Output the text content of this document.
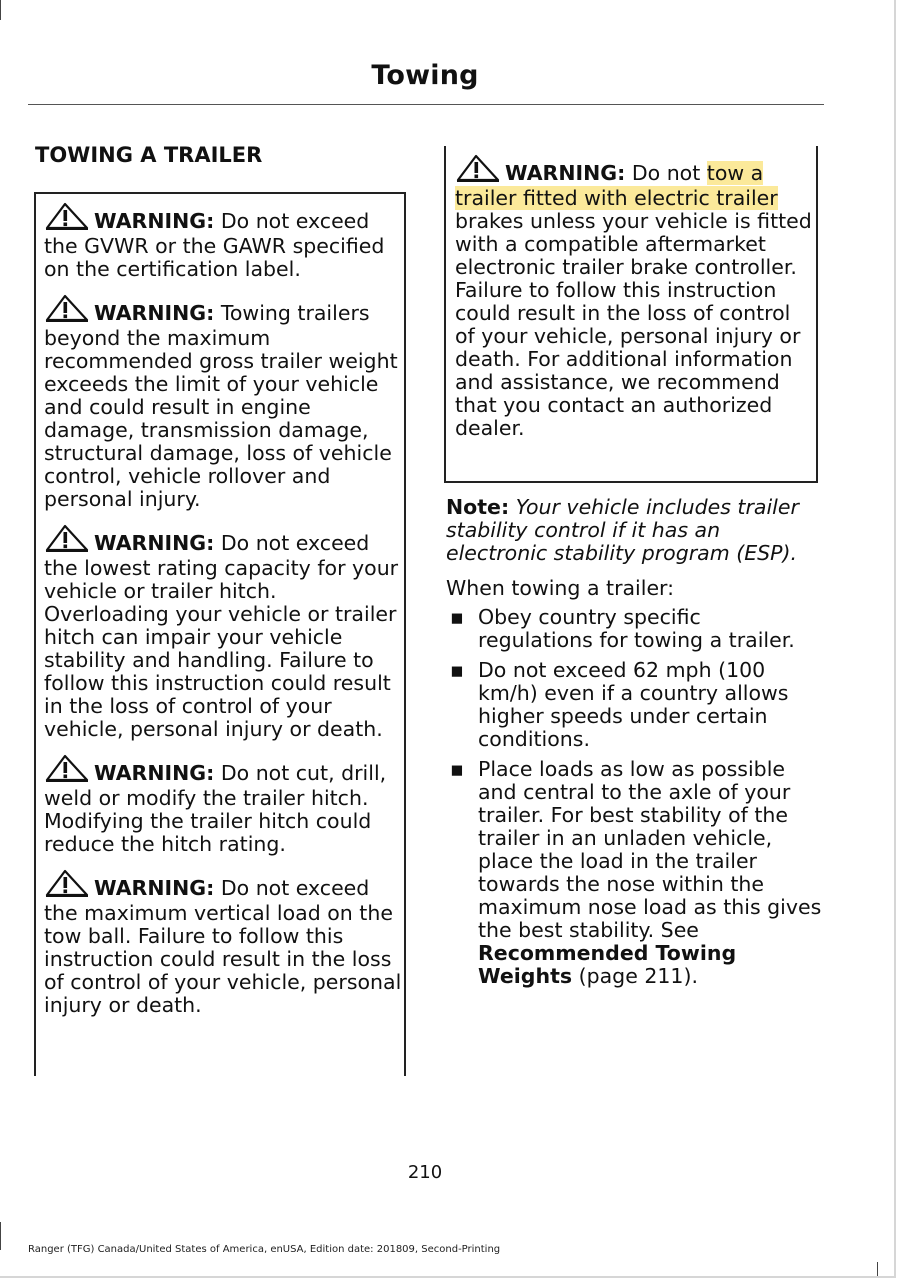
Towing
TOWING A TRAILER
WARNING: Do not exceed the GVWR or the GAWR specified on the certification label.
WARNING: Towing trailers beyond the maximum recommended gross trailer weight exceeds the limit of your vehicle and could result in engine damage, transmission damage, structural damage, loss of vehicle control, vehicle rollover and personal injury.
WARNING: Do not exceed the lowest rating capacity for your vehicle or trailer hitch. Overloading your vehicle or trailer hitch can impair your vehicle stability and handling. Failure to follow this instruction could result in the loss of control of your vehicle, personal injury or death.
WARNING: Do not cut, drill, weld or modify the trailer hitch. Modifying the trailer hitch could reduce the hitch rating.
WARNING: Do not exceed the maximum vertical load on the tow ball. Failure to follow this instruction could result in the loss of control of your vehicle, personal injury or death.
WARNING: Do not tow a
trailer fitted with electric trailer
brakes unless your vehicle is fitted with a compatible aftermarket electronic trailer brake controller. Failure to follow this instruction could result in the loss of control of your vehicle, personal injury or death. For additional information and assistance, we recommend that you contact an authorized dealer.
Note: Your vehicle includes trailer stability control if it has an electronic stability program (ESP).
When towing a trailer:
▪ Obey country specific regulations for towing a trailer.
▪ Do not exceed 62 mph (100 km/h) even if a country allows higher speeds under certain conditions.
▪ Place loads as low as possible and central to the axle of your trailer. For best stability of the trailer in an unladen vehicle, place the load in the trailer towards the nose within the maximum nose load as this gives the best stability. See Recommended Towing Weights (page 211).
210
Ranger (TFG) Canada/United States of America, enUSA, Edition date: 201809, Second-Printing
